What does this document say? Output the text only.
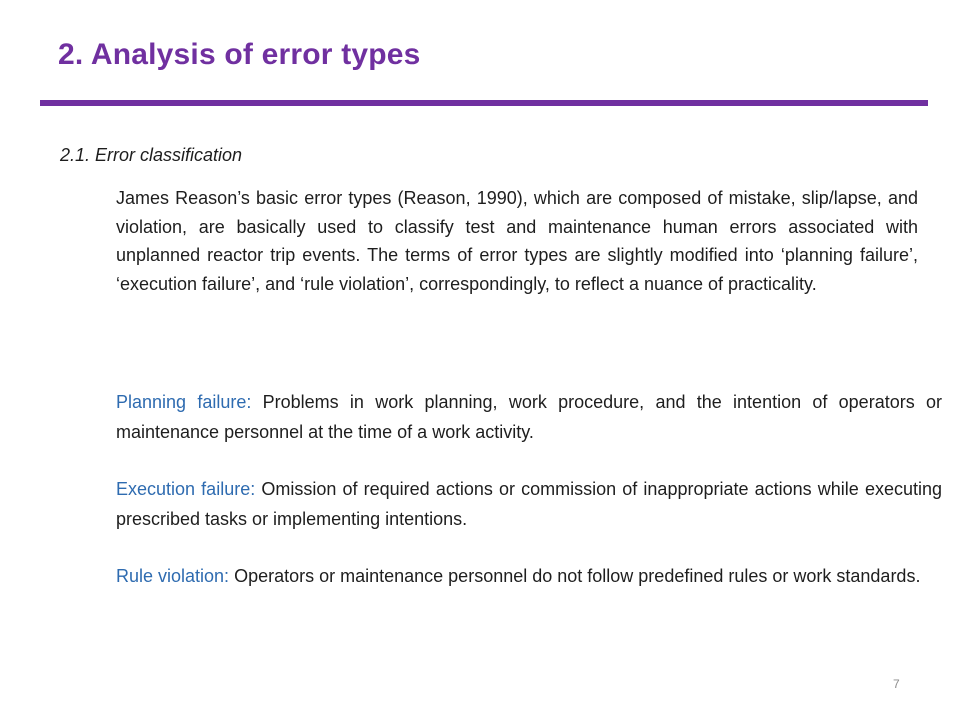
2. Analysis of error types
2.1. Error classification

James Reason’s basic error types (Reason, 1990), which are composed of mistake, slip/lapse, and violation, are basically used to classify test and maintenance human errors associated with unplanned reactor trip events. The terms of error types are slightly modified into ‘planning failure’, ‘execution failure’, and ‘rule violation’, correspondingly, to reflect a nuance of practicality.

Planning failure: Problems in work planning, work procedure, and the intention of operators or maintenance personnel at the time of a work activity.

Execution failure: Omission of required actions or commission of inappropriate actions while executing prescribed tasks or implementing intentions.

Rule violation: Operators or maintenance personnel do not follow predefined rules or work standards.

7
